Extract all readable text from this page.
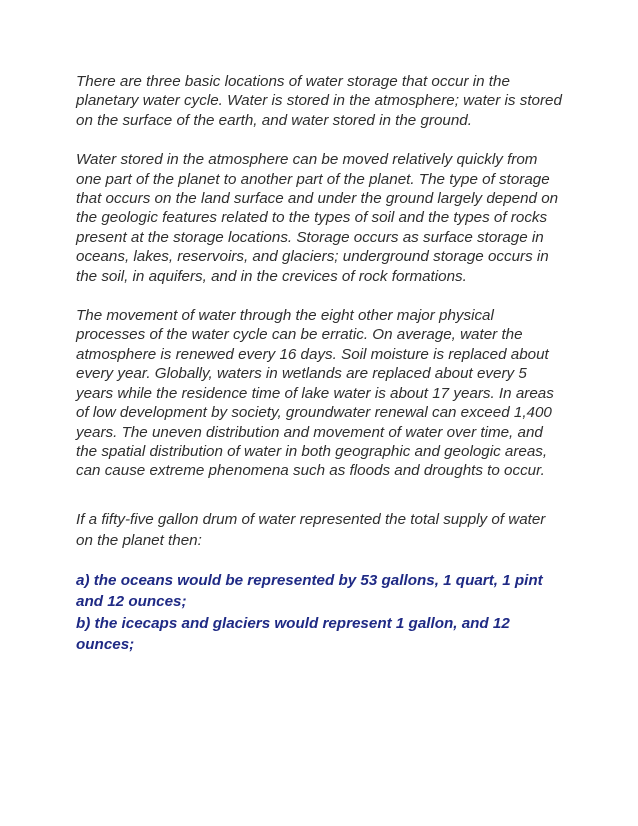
There are three basic locations of water storage that occur in the planetary water cycle. Water is stored in the atmosphere; water is stored on the surface of the earth, and water stored in the ground.

Water stored in the atmosphere can be moved relatively quickly from one part of the planet to another part of the planet. The type of storage that occurs on the land surface and under the ground largely depend on the geologic features related to the types of soil and the types of rocks present at the storage locations. Storage occurs as surface storage in oceans, lakes, reservoirs, and glaciers; underground storage occurs in the soil, in aquifers, and in the crevices of rock formations.

The movement of water through the eight other major physical processes of the water cycle can be erratic. On average, water the atmosphere is renewed every 16 days. Soil moisture is replaced about every year. Globally, waters in wetlands are replaced about every 5 years while the residence time of lake water is about 17 years. In areas of low development by society, groundwater renewal can exceed 1,400 years. The uneven distribution and movement of water over time, and the spatial distribution of water in both geographic and geologic areas, can cause extreme phenomena such as floods and droughts to occur.

If a fifty-five gallon drum of water represented the total supply of water on the planet then:

a) the oceans would be represented by 53 gallons, 1 quart, 1 pint and 12 ounces;
b) the icecaps and glaciers would represent 1 gallon, and 12 ounces;
